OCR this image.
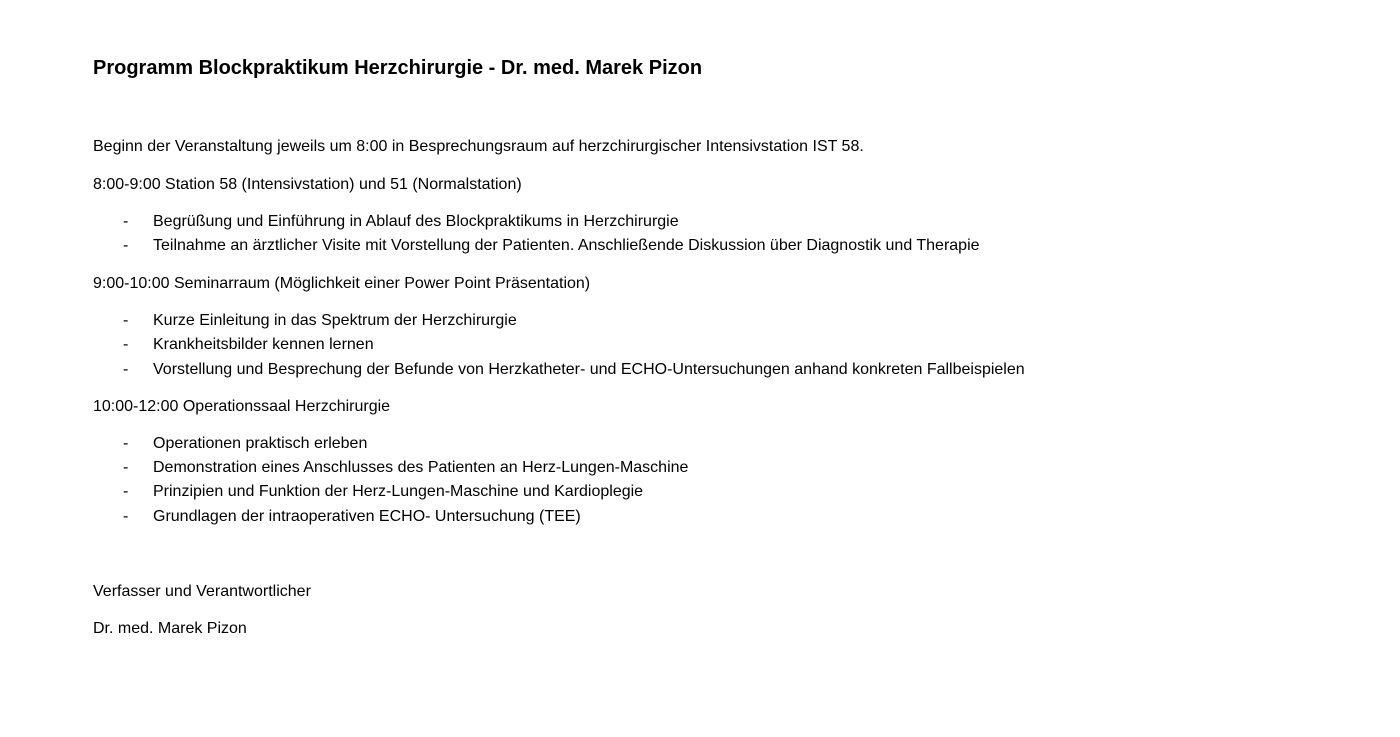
Programm Blockpraktikum Herzchirurgie - Dr. med. Marek Pizon

Beginn der Veranstaltung jeweils um 8:00 in Besprechungsraum auf herzchirurgischer Intensivstation IST 58.

8:00-9:00 Station 58 (Intensivstation) und 51 (Normalstation)

- Begrüßung und Einführung in Ablauf des Blockpraktikums in Herzchirurgie
- Teilnahme an ärztlicher Visite mit Vorstellung der Patienten. Anschließende Diskussion über Diagnostik und Therapie

9:00-10:00 Seminarraum (Möglichkeit einer Power Point Präsentation)

- Kurze Einleitung in das Spektrum der Herzchirurgie
- Krankheitsbilder kennen lernen
- Vorstellung und Besprechung der Befunde von Herzkatheter- und ECHO-Untersuchungen anhand konkreten Fallbeispielen

10:00-12:00 Operationssaal Herzchirurgie

- Operationen praktisch erleben
- Demonstration eines Anschlusses des Patienten an Herz-Lungen-Maschine
- Prinzipien und Funktion der Herz-Lungen-Maschine und Kardioplegie
- Grundlagen der intraoperativen ECHO- Untersuchung (TEE)

Verfasser und Verantwortlicher

Dr. med. Marek Pizon
